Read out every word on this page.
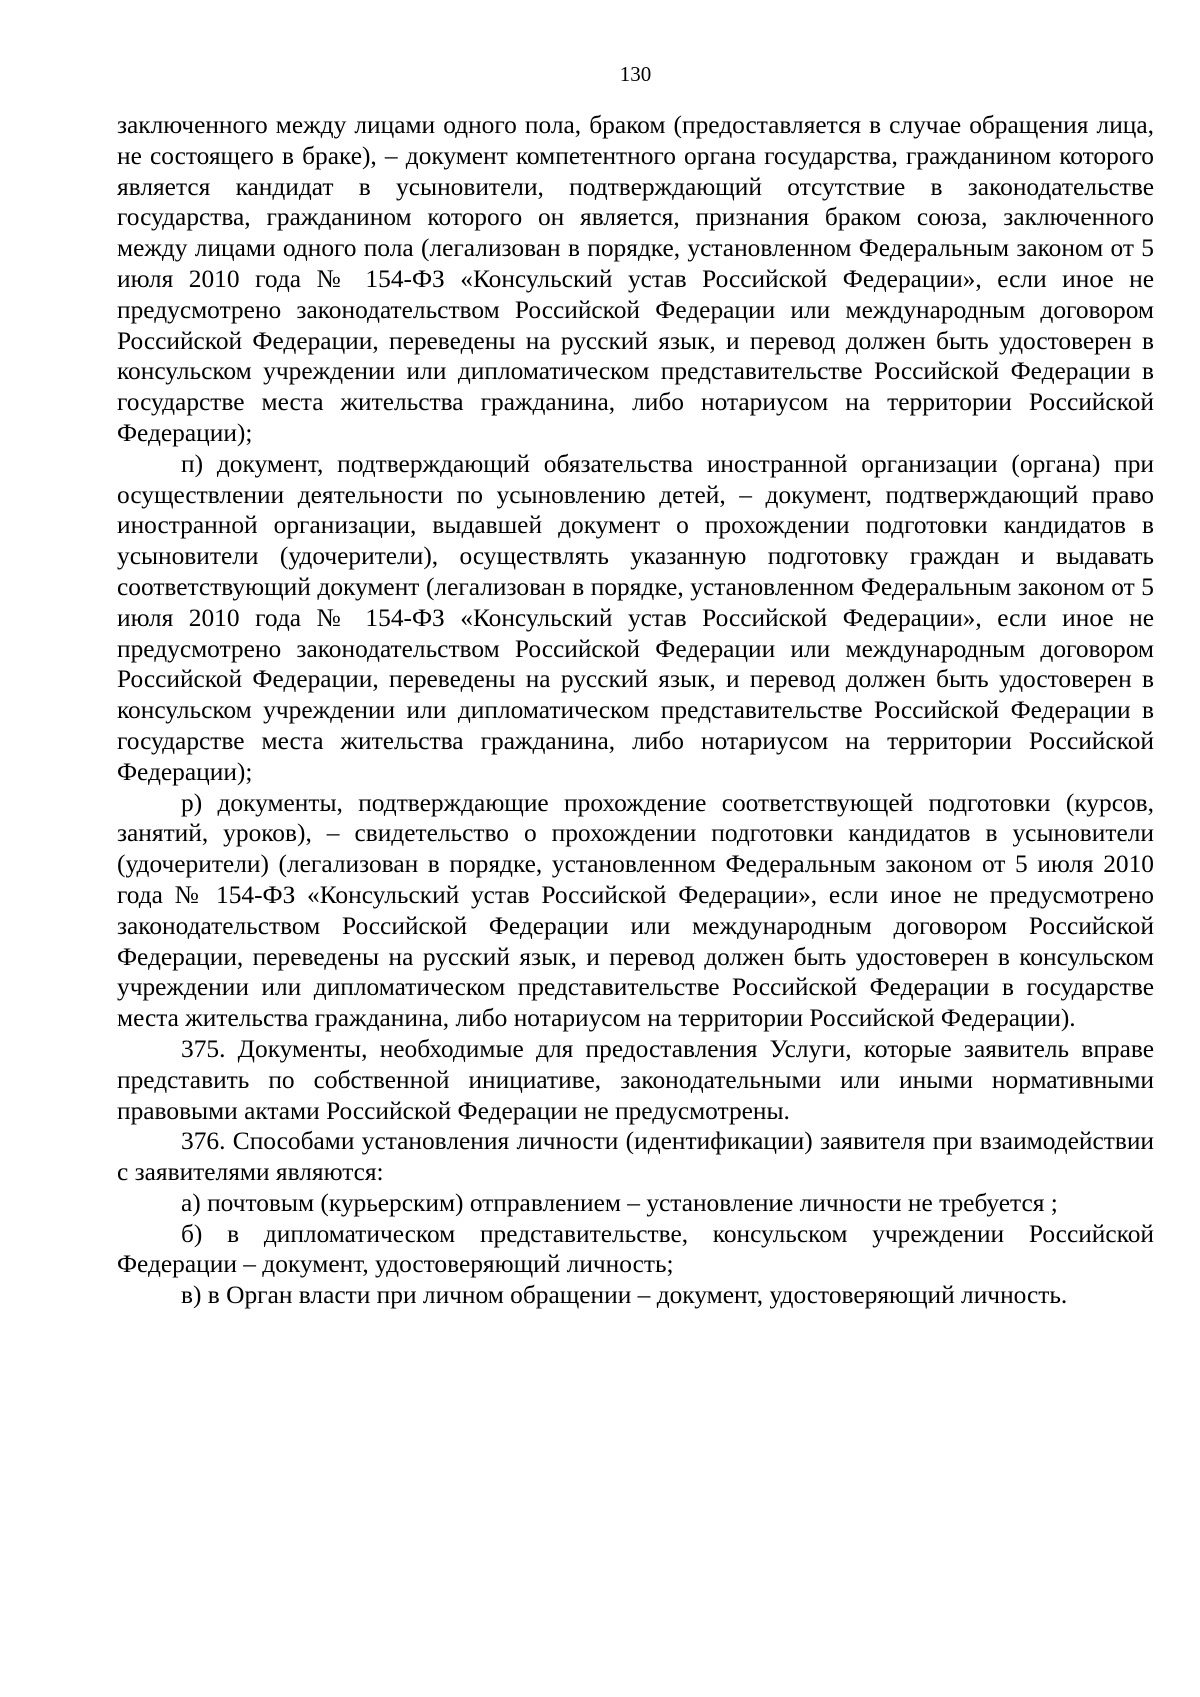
130

заключенного между лицами одного пола, браком (предоставляется в случае обращения лица, не состоящего в браке), – документ компетентного органа государства, гражданином которого является кандидат в усыновители, подтверждающий отсутствие в законодательстве государства, гражданином которого он является, признания браком союза, заключенного между лицами одного пола (легализован в порядке, установленном Федеральным законом от 5 июля 2010 года № 154-ФЗ «Консульский устав Российской Федерации», если иное не предусмотрено законодательством Российской Федерации или международным договором Российской Федерации, переведены на русский язык, и перевод должен быть удостоверен в консульском учреждении или дипломатическом представительстве Российской Федерации в государстве места жительства гражданина, либо нотариусом на территории Российской Федерации);

п) документ, подтверждающий обязательства иностранной организации (органа) при осуществлении деятельности по усыновлению детей, – документ, подтверждающий право иностранной организации, выдавшей документ о прохождении подготовки кандидатов в усыновители (удочерители), осуществлять указанную подготовку граждан и выдавать соответствующий документ (легализован в порядке, установленном Федеральным законом от 5 июля 2010 года № 154-ФЗ «Консульский устав Российской Федерации», если иное не предусмотрено законодательством Российской Федерации или международным договором Российской Федерации, переведены на русский язык, и перевод должен быть удостоверен в консульском учреждении или дипломатическом представительстве Российской Федерации в государстве места жительства гражданина, либо нотариусом на территории Российской Федерации);

р) документы, подтверждающие прохождение соответствующей подготовки (курсов, занятий, уроков), – свидетельство о прохождении подготовки кандидатов в усыновители (удочерители) (легализован в порядке, установленном Федеральным законом от 5 июля 2010 года № 154-ФЗ «Консульский устав Российской Федерации», если иное не предусмотрено законодательством Российской Федерации или международным договором Российской Федерации, переведены на русский язык, и перевод должен быть удостоверен в консульском учреждении или дипломатическом представительстве Российской Федерации в государстве места жительства гражданина, либо нотариусом на территории Российской Федерации).

375. Документы, необходимые для предоставления Услуги, которые заявитель вправе представить по собственной инициативе, законодательными или иными нормативными правовыми актами Российской Федерации не предусмотрены.

376. Способами установления личности (идентификации) заявителя при взаимодействии с заявителями являются:

а) почтовым (курьерским) отправлением – установление личности не требуется ;

б) в дипломатическом представительстве, консульском учреждении Российской Федерации – документ, удостоверяющий личность;

в) в Орган власти при личном обращении – документ, удостоверяющий личность.
